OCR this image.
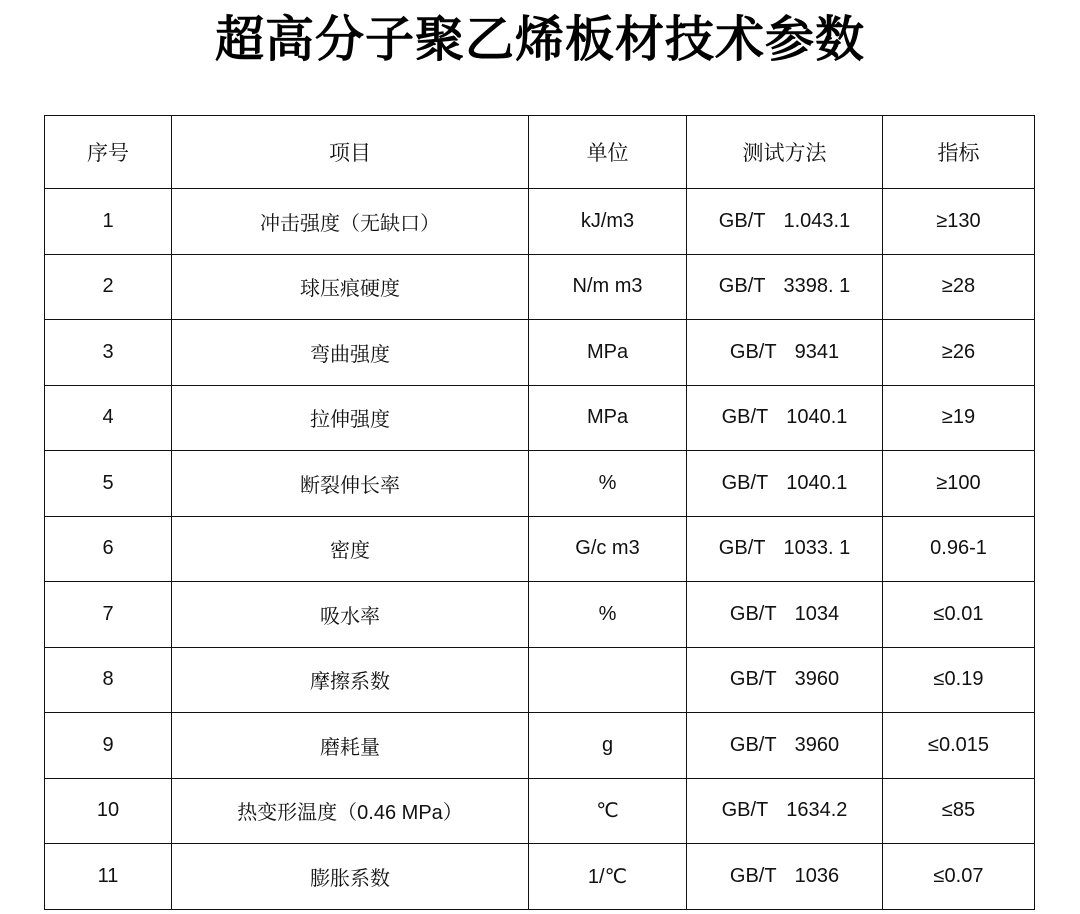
超高分子聚乙烯板材技术参数
序号	项目	单位	测试方法	指标
1	冲击强度（无缺口）	kJ/m3	GB/T 1.043.1	≥130
2	球压痕硬度	N/m m3	GB/T 3398. 1	≥28
3	弯曲强度	MPa	GB/T 9341	≥26
4	拉伸强度	MPa	GB/T 1040.1	≥19
5	断裂伸长率	%	GB/T 1040.1	≥100
6	密度	G/c m3	GB/T 1033. 1	0.96-1
7	吸水率	%	GB/T 1034	≤0.01
8	摩擦系数		GB/T 3960	≤0.19
9	磨耗量	g	GB/T 3960	≤0.015
10	热变形温度（0.46 MPa）	℃	GB/T 1634.2	≤85
11	膨胀系数	1/℃	GB/T 1036	≤0.07
